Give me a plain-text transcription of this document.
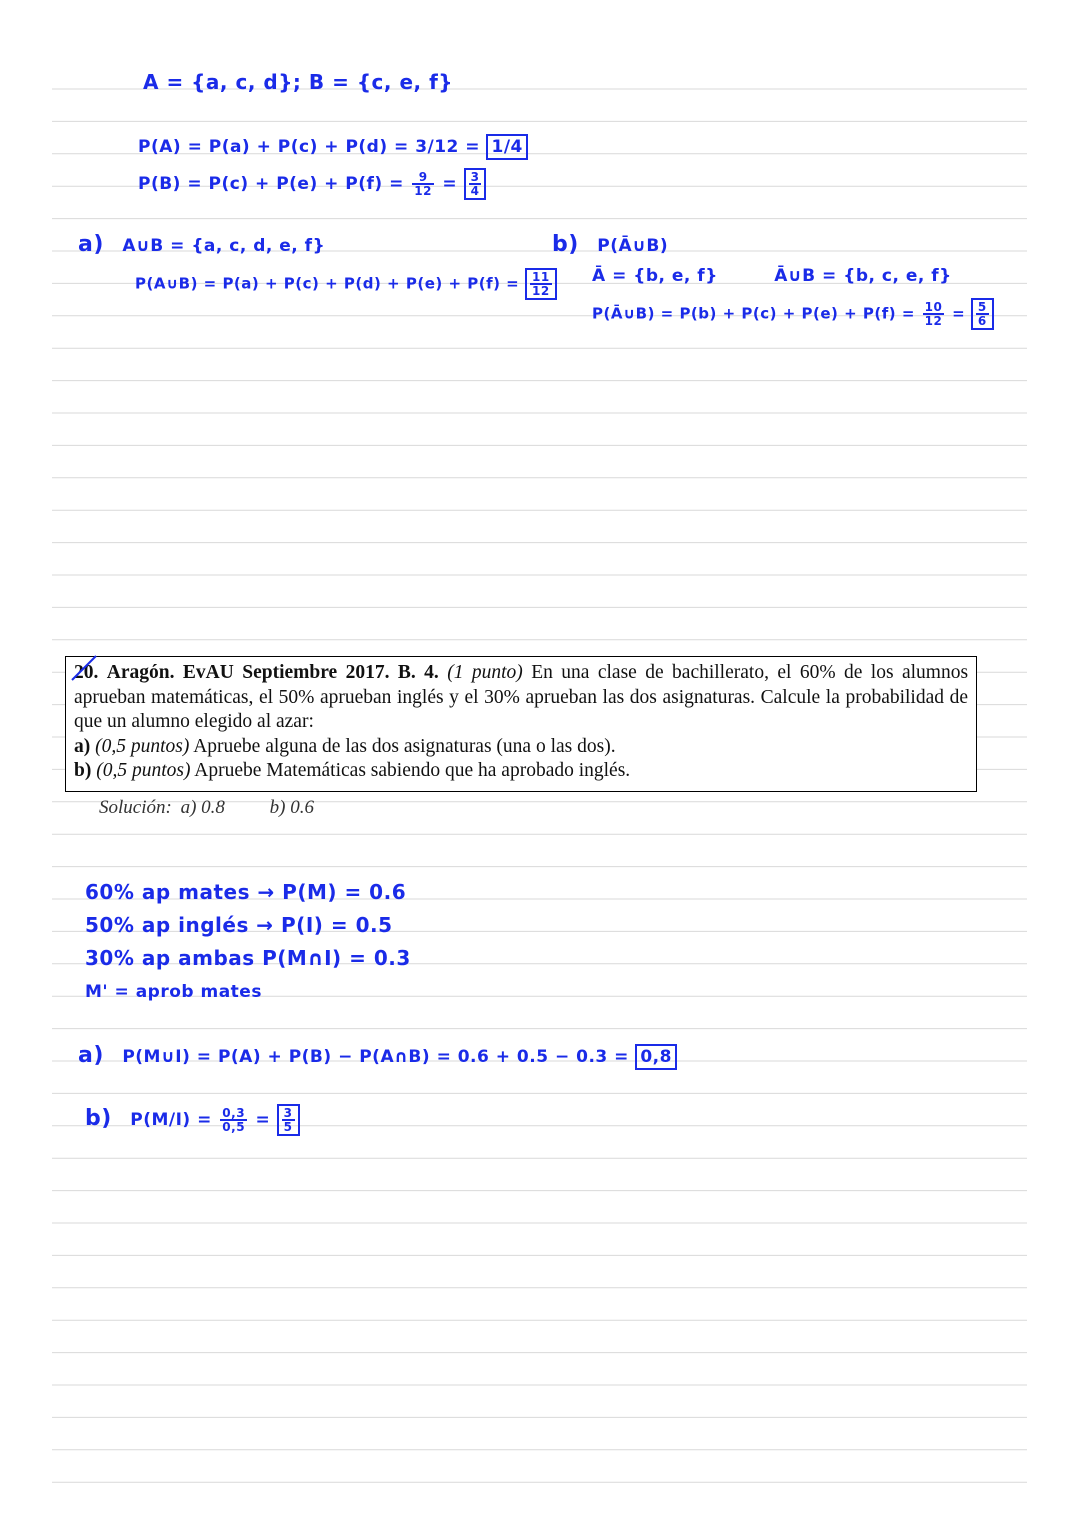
A = {a, c, d}; B = {c, e, f}
P(A) = P(a) + P(c) + P(d) = 3/12 = 1/4
$P(B) = P(c) + P(e) + P(f) = \frac{9}{12} = \frac{3}{4}$
a) A∪B = {a, c, d, e, f}
P(A∪B) = $P(a) + P(c) + P(d) + P(e) + P(f) = \frac{11}{12}$
b) P(Ā∪B)
Ā = {b, e, f}	Ā∪B = {b, c, e, f}
P(Ā∪B) = $P(b) + P(c) + P(e) + P(f) = \frac{10}{12} = \frac{5}{6}$
20. Aragón. EvAU Septiembre 2017. B. 4. (1 punto) En una clase de bachillerato, el 60% de los alumnos aprueban matemáticas, el 50% aprueban inglés y el 30% aprueban las dos asignaturas. Calcule la probabilidad de que un alumno elegido al azar:
a) (0,5 puntos) Apruebe alguna de las dos asignaturas (una o las dos).
b) (0,5 puntos) Apruebe Matemáticas sabiendo que ha aprobado inglés.
Solución: a) 0.8 b) 0.6
60% ap mates → P(M) = 0.6
50% ap inglés → P(I) = 0.5
30% ap ambas P(M∩I) = 0.3
M' = aprob mates
a) P(M∪I) = P(A) + P(B) − P(A∩B) = 0.6 + 0.5 − 0.3 = 0,8
b) $P(M/I) = \frac{0,3}{0,5} = \frac{3}{5}$
